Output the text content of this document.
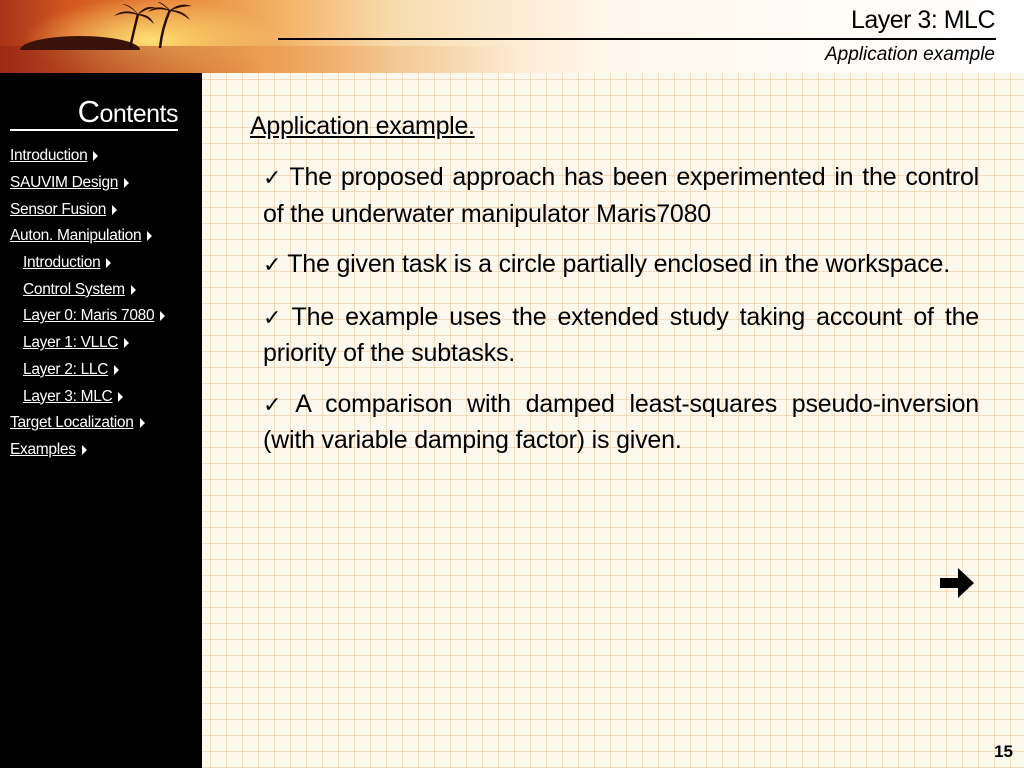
Layer 3: MLC
Application example
Contents
Introduction
SAUVIM Design
Sensor Fusion
Auton. Manipulation
Introduction
Control System
Layer 0: Maris 7080
Layer 1: VLLC
Layer 2: LLC
Layer 3: MLC
Target Localization
Examples
Application example.
✓ The proposed approach has been experimented in the control of the underwater manipulator Maris7080
✓ The given task is a circle partially enclosed in the workspace.
✓ The example uses the extended study taking account of the priority of the subtasks.
✓ A comparison with damped least-squares pseudo-inversion (with variable damping factor) is given.
15
